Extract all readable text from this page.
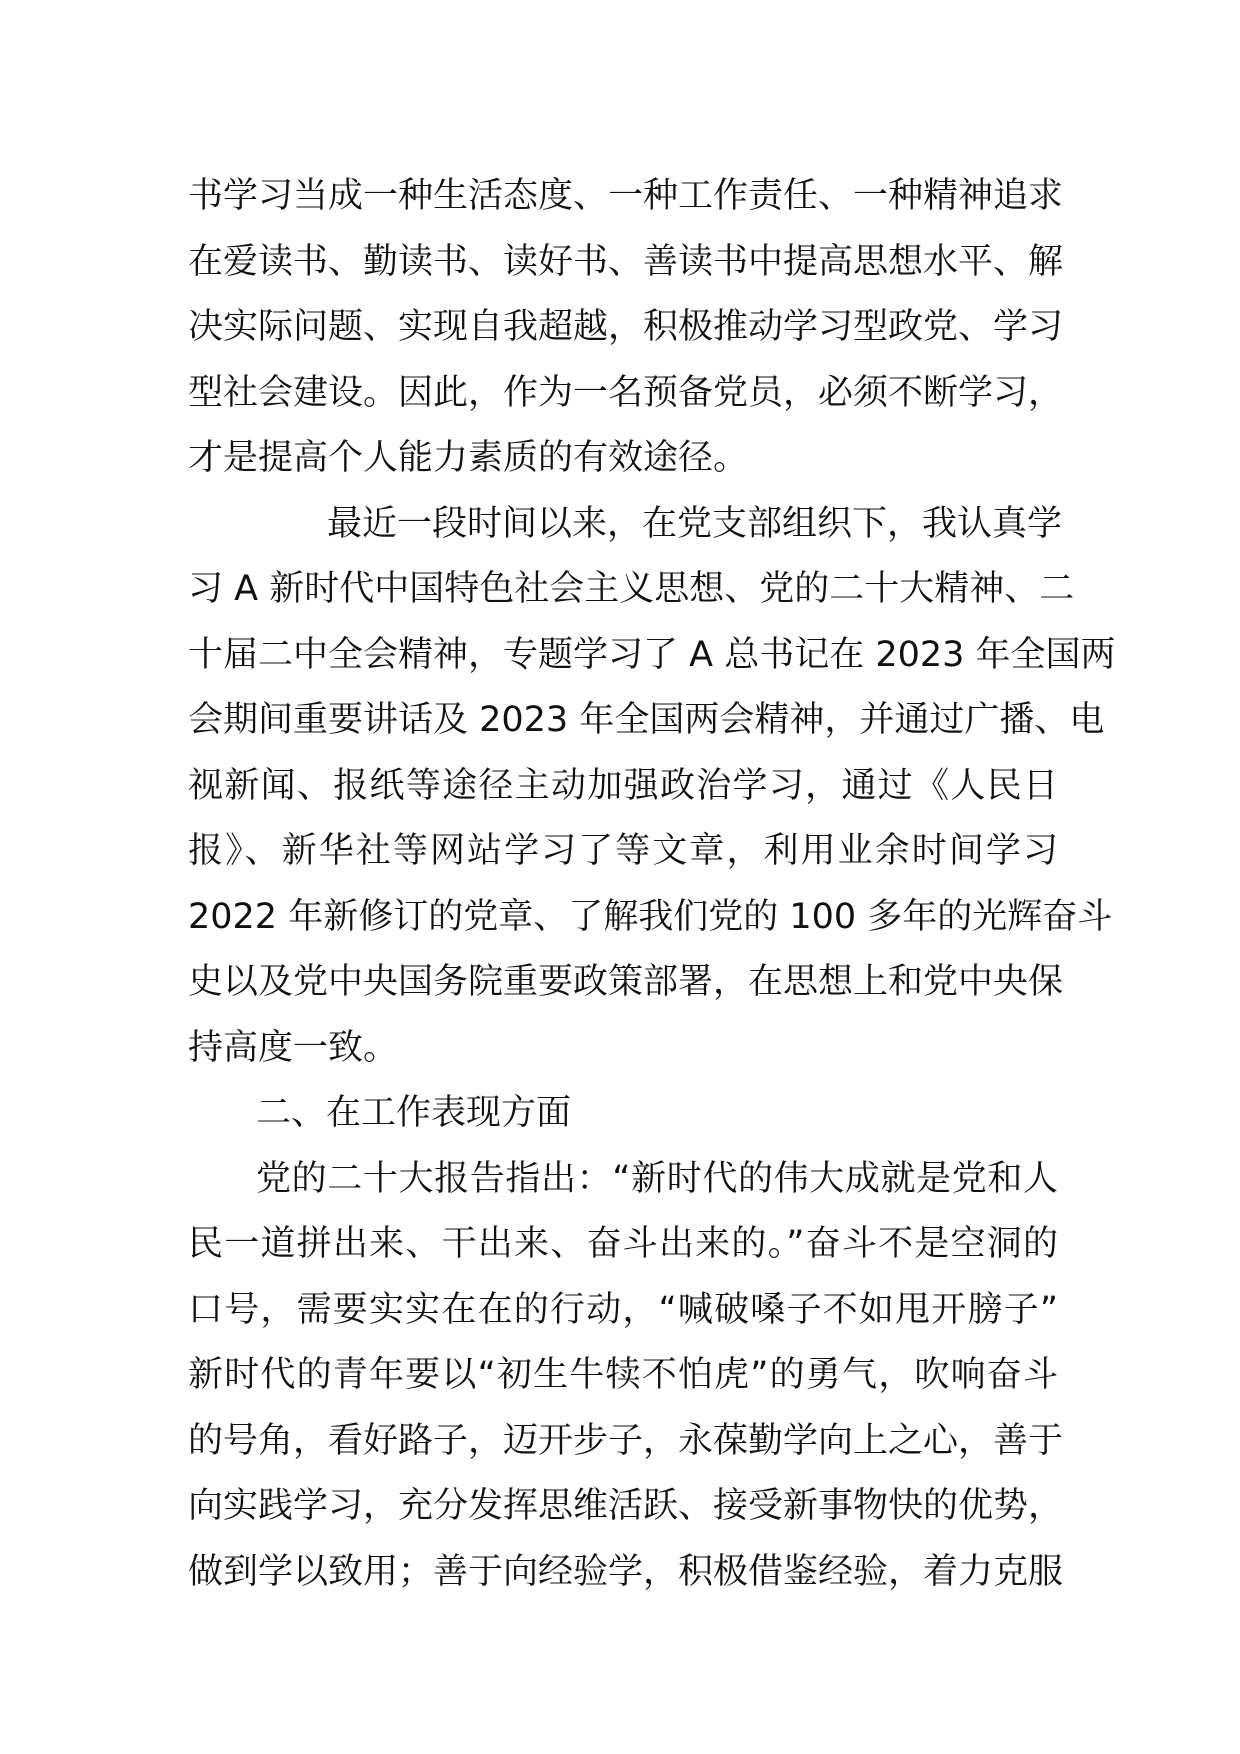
书学习当成一种生活态度、一种工作责任、一种精神追求
在爱读书、勤读书、读好书、善读书中提高思想水平、解
决实际问题、实现自我超越，积极推动学习型政党、学习
型社会建设。因此，作为一名预备党员，必须不断学习，
才是提高个人能力素质的有效途径。
最近一段时间以来，在党支部组织下，我认真学
习 A 新时代中国特色社会主义思想、党的二十大精神、二
十届二中全会精神，专题学习了 A 总书记在 2023 年全国两
会期间重要讲话及 2023 年全国两会精神，并通过广播、电
视新闻、报纸等途径主动加强政治学习，通过《人民日
报》、新华社等网站学习了等文章，利用业余时间学习
2022 年新修订的党章、了解我们党的 100 多年的光辉奋斗
史以及党中央国务院重要政策部署，在思想上和党中央保
持高度一致。
二、在工作表现方面
党的二十大报告指出：“新时代的伟大成就是党和人
民一道拼出来、干出来、奋斗出来的。”奋斗不是空洞的
口号，需要实实在在的行动，“喊破嗓子不如甩开膀子”
新时代的青年要以“初生牛犊不怕虎”的勇气，吹响奋斗
的号角，看好路子，迈开步子，永葆勤学向上之心，善于
向实践学习，充分发挥思维活跃、接受新事物快的优势，
做到学以致用；善于向经验学，积极借鉴经验，着力克服
